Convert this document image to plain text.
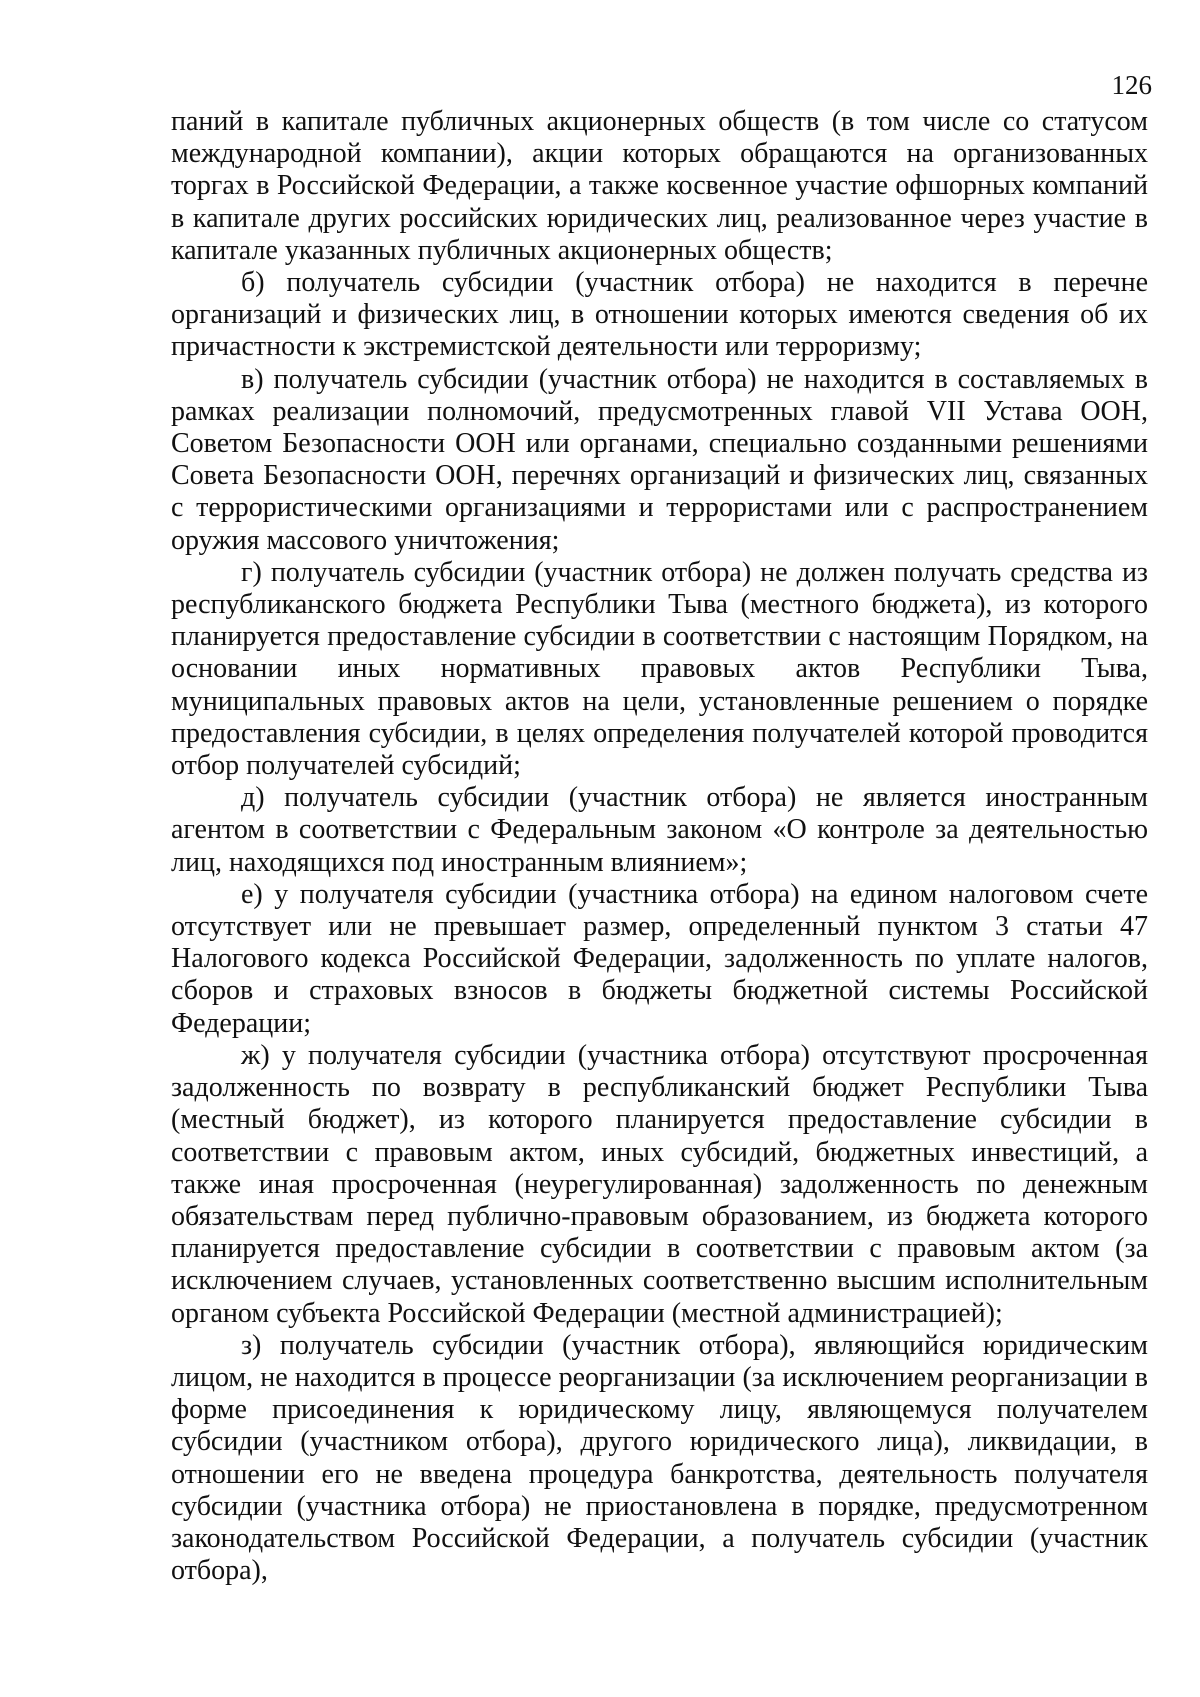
126

паний в капитале публичных акционерных обществ (в том числе со статусом международной компании), акции которых обращаются на организованных торгах в Российской Федерации, а также косвенное участие офшорных компаний в капитале других российских юридических лиц, реализованное через участие в капитале указанных публичных акционерных обществ;

б) получатель субсидии (участник отбора) не находится в перечне организаций и физических лиц, в отношении которых имеются сведения об их причастности к экстремистской деятельности или терроризму;

в) получатель субсидии (участник отбора) не находится в составляемых в рамках реализации полномочий, предусмотренных главой VII Устава ООН, Советом Безопасности ООН или органами, специально созданными решениями Совета Безопасности ООН, перечнях организаций и физических лиц, связанных с террористическими организациями и террористами или с распространением оружия массового уничтожения;

г) получатель субсидии (участник отбора) не должен получать средства из республиканского бюджета Республики Тыва (местного бюджета), из которого планируется предоставление субсидии в соответствии с настоящим Порядком, на основании иных нормативных правовых актов Республики Тыва, муниципальных правовых актов на цели, установленные решением о порядке предоставления субсидии, в целях определения получателей которой проводится отбор получателей субсидий;

д) получатель субсидии (участник отбора) не является иностранным агентом в соответствии с Федеральным законом «О контроле за деятельностью лиц, находящихся под иностранным влиянием»;

е) у получателя субсидии (участника отбора) на едином налоговом счете отсутствует или не превышает размер, определенный пунктом 3 статьи 47 Налогового кодекса Российской Федерации, задолженность по уплате налогов, сборов и страховых взносов в бюджеты бюджетной системы Российской Федерации;

ж) у получателя субсидии (участника отбора) отсутствуют просроченная задолженность по возврату в республиканский бюджет Республики Тыва (местный бюджет), из которого планируется предоставление субсидии в соответствии с правовым актом, иных субсидий, бюджетных инвестиций, а также иная просроченная (неурегулированная) задолженность по денежным обязательствам перед публично-правовым образованием, из бюджета которого планируется предоставление субсидии в соответствии с правовым актом (за исключением случаев, установленных соответственно высшим исполнительным органом субъекта Российской Федерации (местной администрацией);

з) получатель субсидии (участник отбора), являющийся юридическим лицом, не находится в процессе реорганизации (за исключением реорганизации в форме присоединения к юридическому лицу, являющемуся получателем субсидии (участником отбора), другого юридического лица), ликвидации, в отношении его не введена процедура банкротства, деятельность получателя субсидии (участника отбора) не приостановлена в порядке, предусмотренном законодательством Российской Федерации, а получатель субсидии (участник отбора),
